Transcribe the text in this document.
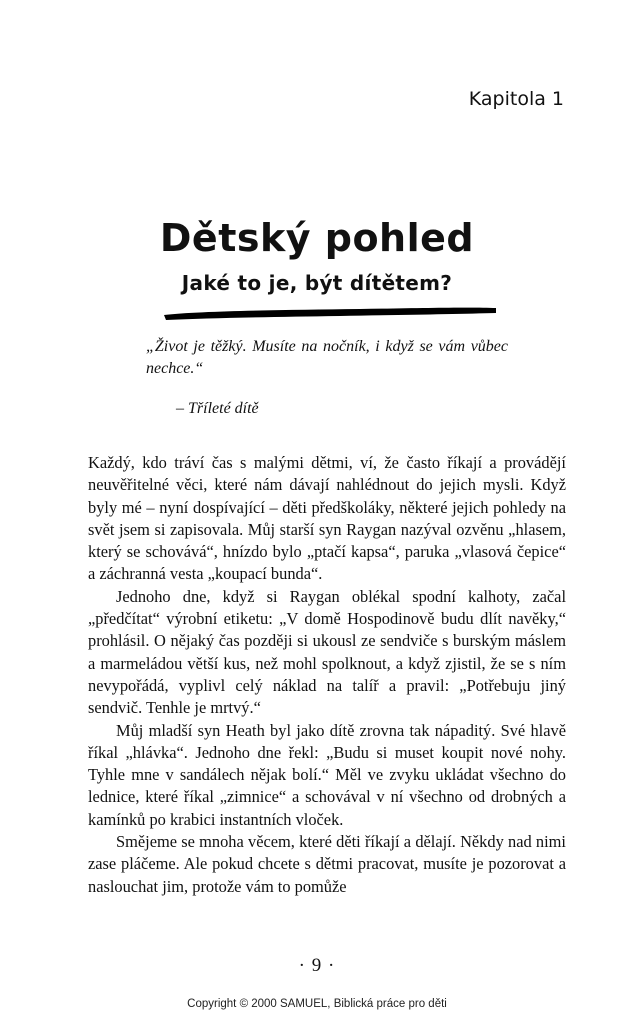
Kapitola 1
Dětský pohled
Jaké to je, být dítětem?
„Život je těžký. Musíte na nočník, i když se vám vůbec nechce.“
– Tříleté dítě

Každý, kdo tráví čas s malými dětmi, ví, že často říkají a provádějí neuvěřitelné věci, které nám dávají nahlédnout do jejich mysli. Když byly mé – nyní dospívající – děti předškoláky, některé jejich pohledy na svět jsem si zapisovala. Můj starší syn Raygan nazýval ozvěnu „hlasem, který se schovává“, hnízdo bylo „ptačí kapsa“, paruka „vlasová čepice“ a záchranná vesta „koupací bunda“.

Jednoho dne, když si Raygan oblékal spodní kalhoty, začal „předčítat“ výrobní etiketu: „V domě Hospodinově budu dlít navěky,“ prohlásil. O nějaký čas později si ukousl ze sendviče s burským máslem a marmeládou větší kus, než mohl spolknout, a když zjistil, že se s ním nevypořádá, vyplivl celý náklad na talíř a pravil: „Potřebuju jiný sendvič. Tenhle je mrtvý.“

Můj mladší syn Heath byl jako dítě zrovna tak nápaditý. Své hlavě říkal „hlávka“. Jednoho dne řekl: „Budu si muset koupit nové nohy. Tyhle mne v sandálech nějak bolí.“ Měl ve zvyku ukládat všechno do lednice, které říkal „zimnice“ a schovával v ní všechno od drobných a kamínků po krabici instantních vloček.

Smějeme se mnoha věcem, které děti říkají a dělají. Někdy nad nimi zase pláčeme. Ale pokud chcete s dětmi pracovat, musíte je pozorovat a naslouchat jim, protože vám to pomůže

· 9 ·
Copyright © 2000 SAMUEL, Biblická práce pro děti
